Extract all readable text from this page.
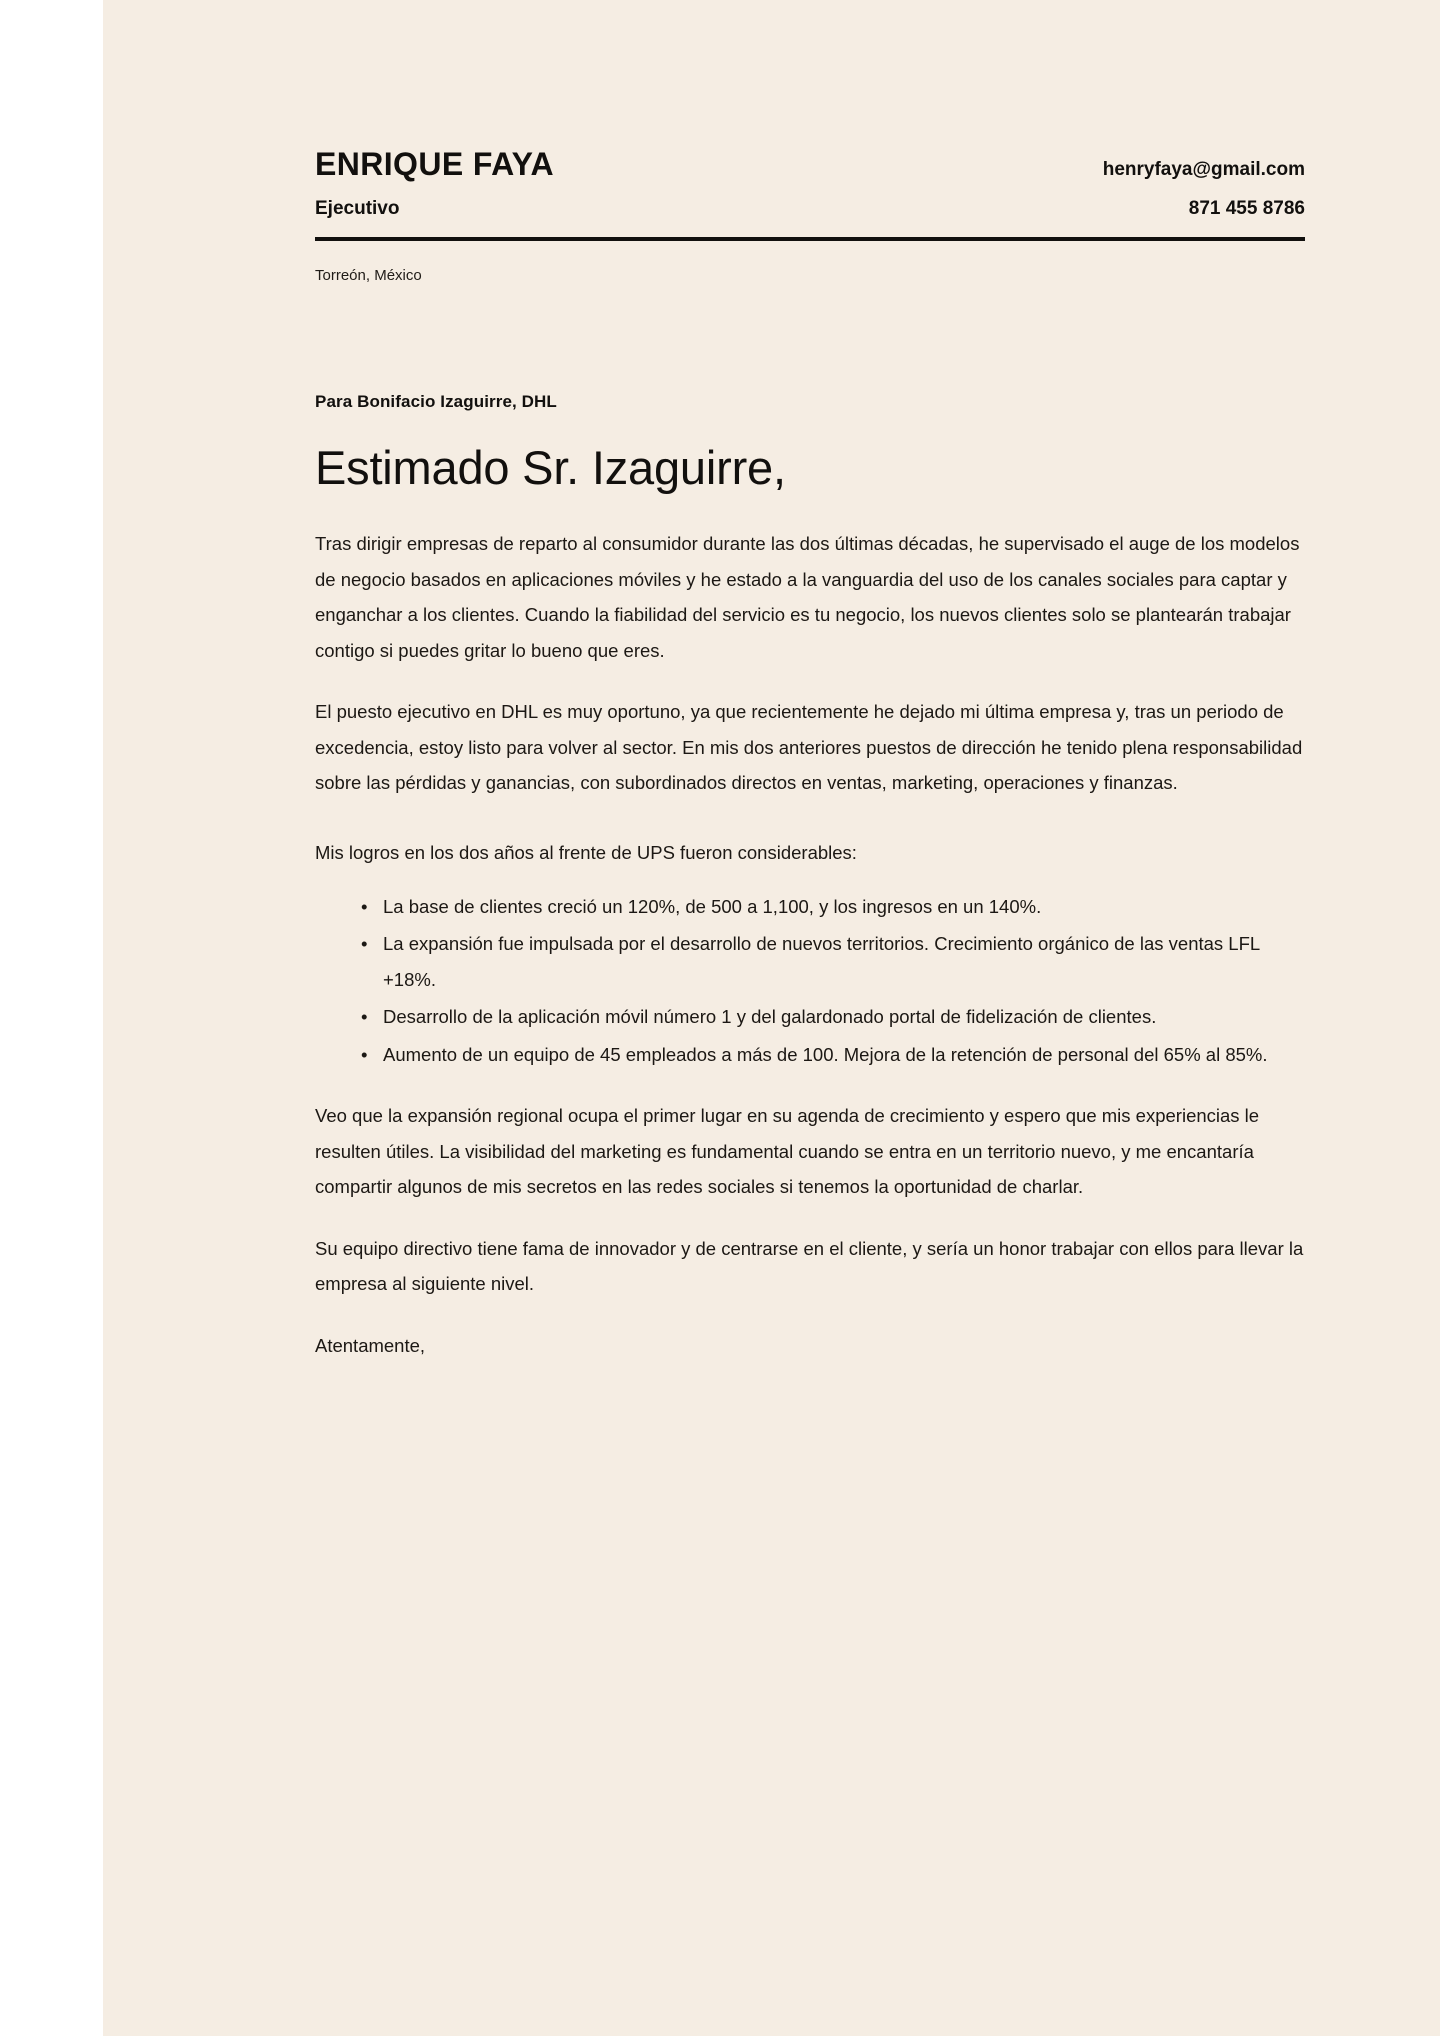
ENRIQUE FAYA	henryfaya@gmail.com
Ejecutivo	871 455 8786
Torreón, México
Para Bonifacio Izaguirre, DHL
Estimado Sr. Izaguirre,

Tras dirigir empresas de reparto al consumidor durante las dos últimas décadas, he supervisado el auge de los modelos de negocio basados en aplicaciones móviles y he estado a la vanguardia del uso de los canales sociales para captar y enganchar a los clientes. Cuando la fiabilidad del servicio es tu negocio, los nuevos clientes solo se plantearán trabajar contigo si puedes gritar lo bueno que eres.

El puesto ejecutivo en DHL es muy oportuno, ya que recientemente he dejado mi última empresa y, tras un periodo de excedencia, estoy listo para volver al sector. En mis dos anteriores puestos de dirección he tenido plena responsabilidad sobre las pérdidas y ganancias, con subordinados directos en ventas, marketing, operaciones y finanzas.

Mis logros en los dos años al frente de UPS fueron considerables:

• La base de clientes creció un 120%, de 500 a 1,100, y los ingresos en un 140%.
• La expansión fue impulsada por el desarrollo de nuevos territorios. Crecimiento orgánico de las ventas LFL +18%.
• Desarrollo de la aplicación móvil número 1 y del galardonado portal de fidelización de clientes.
• Aumento de un equipo de 45 empleados a más de 100. Mejora de la retención de personal del 65% al 85%.

Veo que la expansión regional ocupa el primer lugar en su agenda de crecimiento y espero que mis experiencias le resulten útiles. La visibilidad del marketing es fundamental cuando se entra en un territorio nuevo, y me encantaría compartir algunos de mis secretos en las redes sociales si tenemos la oportunidad de charlar.

Su equipo directivo tiene fama de innovador y de centrarse en el cliente, y sería un honor trabajar con ellos para llevar la empresa al siguiente nivel.

Atentamente,
